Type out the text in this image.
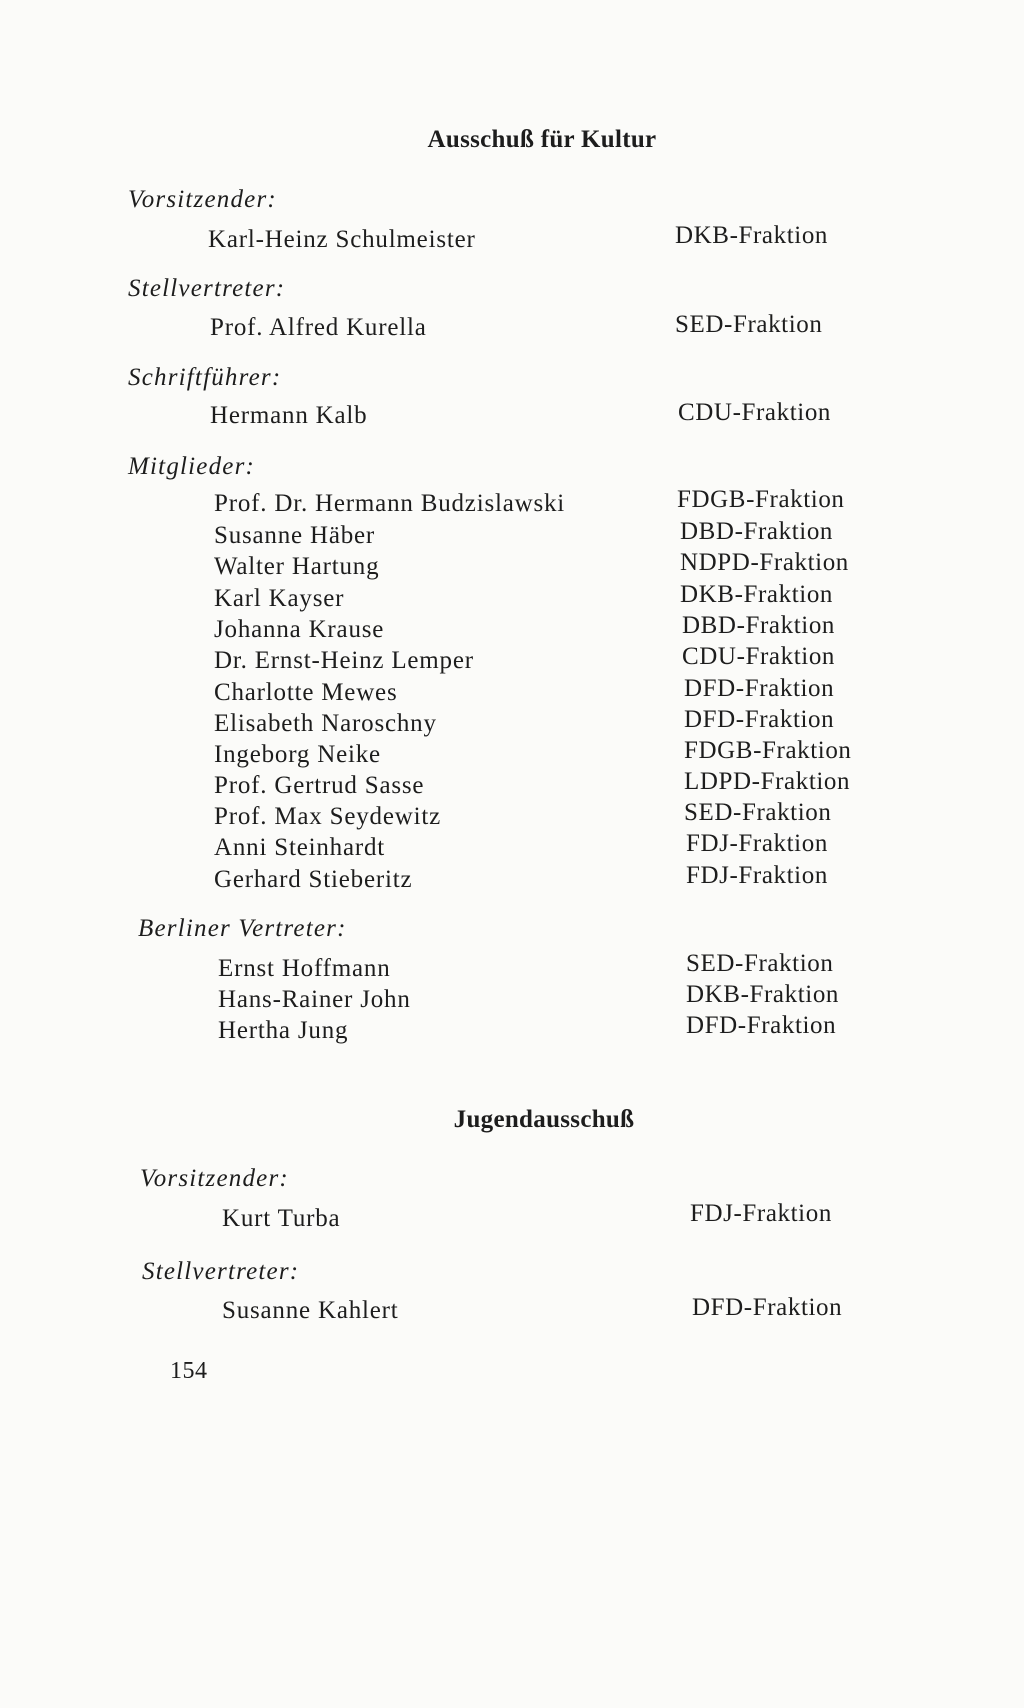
Ausschuß für Kultur
Vorsitzender:
Karl-Heinz Schulmeister	DKB-Fraktion
Stellvertreter:
Prof. Alfred Kurella	SED-Fraktion
Schriftführer:
Hermann Kalb	CDU-Fraktion
Mitglieder:
Prof. Dr. Hermann Budzislawski	FDGB-Fraktion
Susanne Häber	DBD-Fraktion
Walter Hartung	NDPD-Fraktion
Karl Kayser	DKB-Fraktion
Johanna Krause	DBD-Fraktion
Dr. Ernst-Heinz Lemper	CDU-Fraktion
Charlotte Mewes	DFD-Fraktion
Elisabeth Naroschny	DFD-Fraktion
Ingeborg Neike	FDGB-Fraktion
Prof. Gertrud Sasse	LDPD-Fraktion
Prof. Max Seydewitz	SED-Fraktion
Anni Steinhardt	FDJ-Fraktion
Gerhard Stieberitz	FDJ-Fraktion
Berliner Vertreter:
Ernst Hoffmann	SED-Fraktion
Hans-Rainer John	DKB-Fraktion
Hertha Jung	DFD-Fraktion
Jugendausschuß
Vorsitzender:
Kurt Turba	FDJ-Fraktion
Stellvertreter:
Susanne Kahlert	DFD-Fraktion
154
